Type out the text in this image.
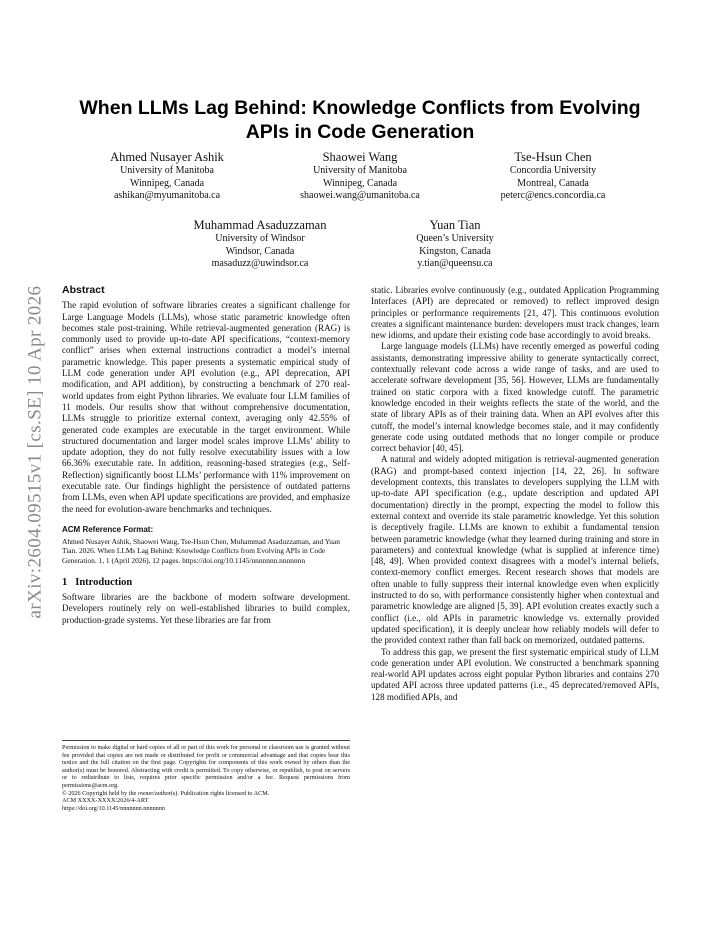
arXiv:2604.09515v1 [cs.SE] 10 Apr 2026
When LLMs Lag Behind: Knowledge Conflicts from Evolving
APIs in Code Generation
Ahmed Nusayer Ashik
University of Manitoba
Winnipeg, Canada
ashikan@myumanitoba.ca
Shaowei Wang
University of Manitoba
Winnipeg, Canada
shaowei.wang@umanitoba.ca
Tse-Hsun Chen
Concordia University
Montreal, Canada
peterc@encs.concordia.ca
Muhammad Asaduzzaman
University of Windsor
Windsor, Canada
masaduzz@uwindsor.ca
Yuan Tian
Queen’s University
Kingston, Canada
y.tian@queensu.ca
Abstract

The rapid evolution of software libraries creates a significant challenge for Large Language Models (LLMs), whose static parametric knowledge often becomes stale post-training. While retrieval-augmented generation (RAG) is commonly used to provide up-to-date API specifications, “context-memory conflict” arises when external instructions contradict a model’s internal parametric knowledge. This paper presents a systematic empirical study of LLM code generation under API evolution (e.g., API deprecation, API modification, and API addition), by constructing a benchmark of 270 real-world updates from eight Python libraries. We evaluate four LLM families of 11 models. Our results show that without comprehensive documentation, LLMs struggle to prioritize external context, averaging only 42.55% of generated code examples are executable in the target environment. While structured documentation and larger model scales improve LLMs’ ability to update adoption, they do not fully resolve executability issues with a low 66.36% executable rate. In addition, reasoning-based strategies (e.g., Self-Reflection) significantly boost LLMs’ performance with 11% improvement on executable rate. Our findings highlight the persistence of outdated patterns from LLMs, even when API update specifications are provided, and emphasize the need for evolution-aware benchmarks and techniques.

ACM Reference Format:
Ahmed Nusayer Ashik, Shaowei Wang, Tse-Hsun Chen, Muhammad Asaduzzaman, and Yuan Tian. 2026. When LLMs Lag Behind: Knowledge Conflicts from Evolving APIs in Code Generation. 1, 1 (April 2026), 12 pages. https://doi.org/10.1145/nnnnnnn.nnnnnnn
1 Introduction

Software libraries are the backbone of modern software development. Developers routinely rely on well-established libraries to build complex, production-grade systems. Yet these libraries are far from

Permission to make digital or hard copies of all or part of this work for personal or classroom use is granted without fee provided that copies are not made or distributed for profit or commercial advantage and that copies bear this notice and the full citation on the first page. Copyrights for components of this work owned by others than the author(s) must be honored. Abstracting with credit is permitted. To copy otherwise, or republish, to post on servers or to redistribute to lists, requires prior specific permission and/or a fee. Request permissions from permissions@acm.org.

© 2026 Copyright held by the owner/author(s). Publication rights licensed to ACM.

ACM XXXX-XXXX/2026/4-ART

https://doi.org/10.1145/nnnnnnn.nnnnnnn

static. Libraries evolve continuously (e.g., outdated Application Programming Interfaces (API) are deprecated or removed) to reflect improved design principles or performance requirements [21, 47]. This continuous evolution creates a significant maintenance burden: developers must track changes, learn new idioms, and update their existing code base accordingly to avoid breaks.

Large language models (LLMs) have recently emerged as powerful coding assistants, demonstrating impressive ability to generate syntactically correct, contextually relevant code across a wide range of tasks, and are used to accelerate software development [35, 56]. However, LLMs are fundamentally trained on static corpora with a fixed knowledge cutoff. The parametric knowledge encoded in their weights reflects the state of the world, and the state of library APIs as of their training data. When an API evolves after this cutoff, the model’s internal knowledge becomes stale, and it may confidently generate code using outdated methods that no longer compile or produce correct behavior [40, 45].

A natural and widely adopted mitigation is retrieval-augmented generation (RAG) and prompt-based context injection [14, 22, 26]. In software development contexts, this translates to developers supplying the LLM with up-to-date API specification (e.g., update description and updated API documentation) directly in the prompt, expecting the model to follow this external context and override its stale parametric knowledge. Yet this solution is deceptively fragile. LLMs are known to exhibit a fundamental tension between parametric knowledge (what they learned during training and store in parameters) and contextual knowledge (what is supplied at inference time) [48, 49]. When provided context disagrees with a model’s internal beliefs, context-memory conflict emerges. Recent research shows that models are often unable to fully suppress their internal knowledge even when explicitly instructed to do so, with performance consistently higher when contextual and parametric knowledge are aligned [5, 39]. API evolution creates exactly such a conflict (i.e., old APIs in parametric knowledge vs. externally provided updated specification), it is deeply unclear how reliably models will defer to the provided context rather than fall back on memorized, outdated patterns.

To address this gap, we present the first systematic empirical study of LLM code generation under API evolution. We constructed a benchmark spanning real-world API updates across eight popular Python libraries and contains 270 updated API across three updated patterns (i.e., 45 deprecated/removed APIs, 128 modified APIs, and
